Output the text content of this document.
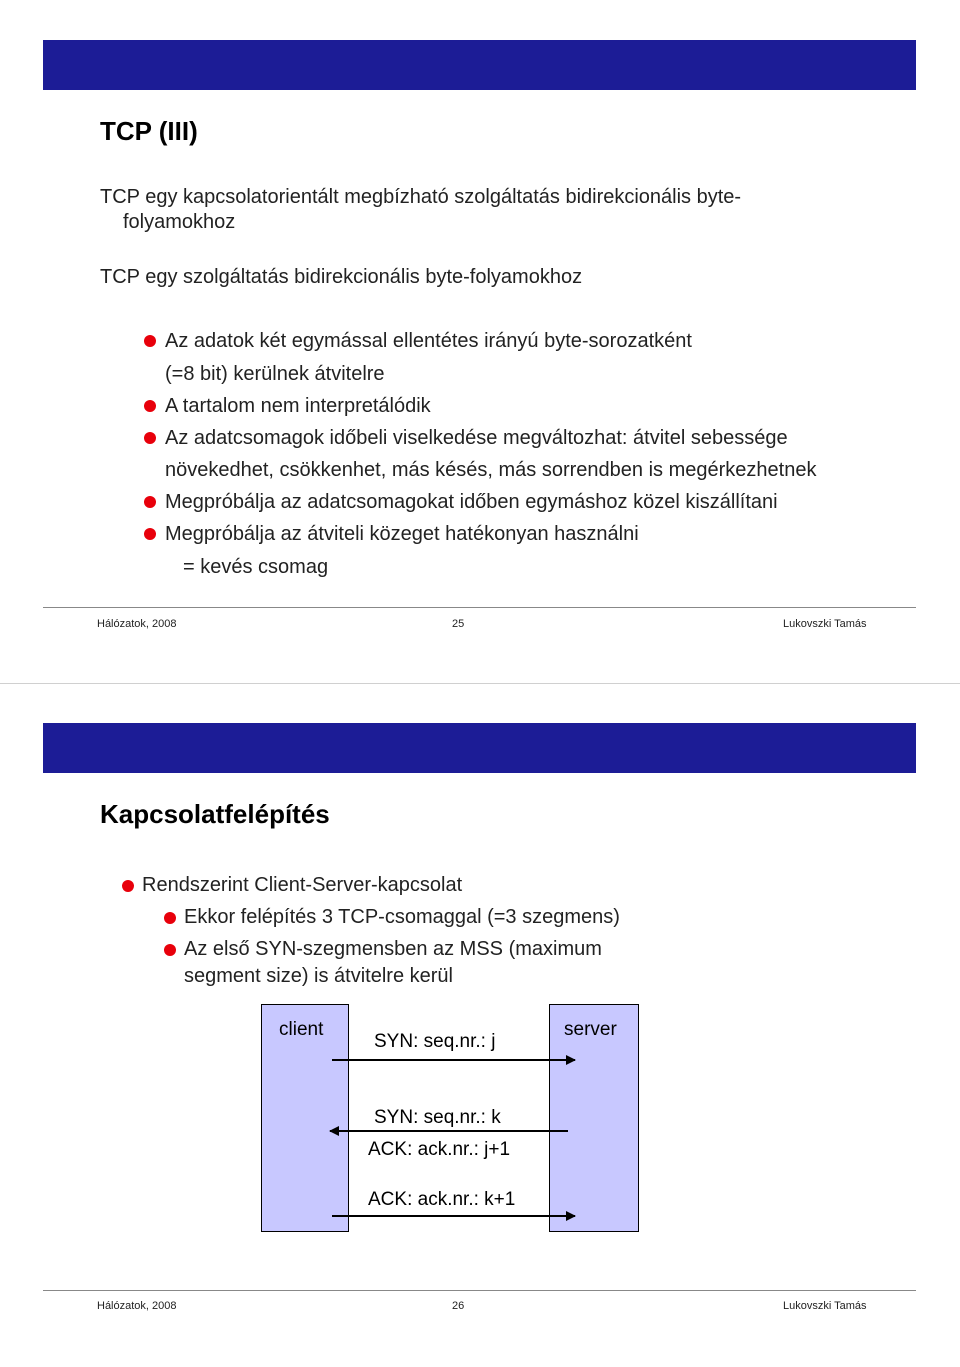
TCP (III)
TCP egy kapcsolatorientált megbízható szolgáltatás bidirekcionális byte-
folyamokhoz
TCP egy szolgáltatás bidirekcionális byte-folyamokhoz
Az adatok két egymással ellentétes irányú byte-sorozatként
(=8 bit) kerülnek átvitelre
A tartalom nem interpretálódik
Az adatcsomagok időbeli viselkedése megváltozhat: átvitel sebessége
növekedhet, csökkenhet, más késés, más sorrendben is megérkezhetnek
Megpróbálja az adatcsomagokat időben egymáshoz közel kiszállítani
Megpróbálja az átviteli közeget hatékonyan használni
= kevés csomag
Hálózatok, 2008	25	Lukovszki Tamás
Kapcsolatfelépítés
Rendszerint Client-Server-kapcsolat
Ekkor felépítés 3 TCP-csomaggal (=3 szegmens)
Az első SYN-szegmensben az MSS (maximum
segment size) is átvitelre kerül
client	server
SYN: seq.nr.: j
SYN: seq.nr.: k
ACK: ack.nr.: j+1
ACK: ack.nr.: k+1
Hálózatok, 2008	26	Lukovszki Tamás
